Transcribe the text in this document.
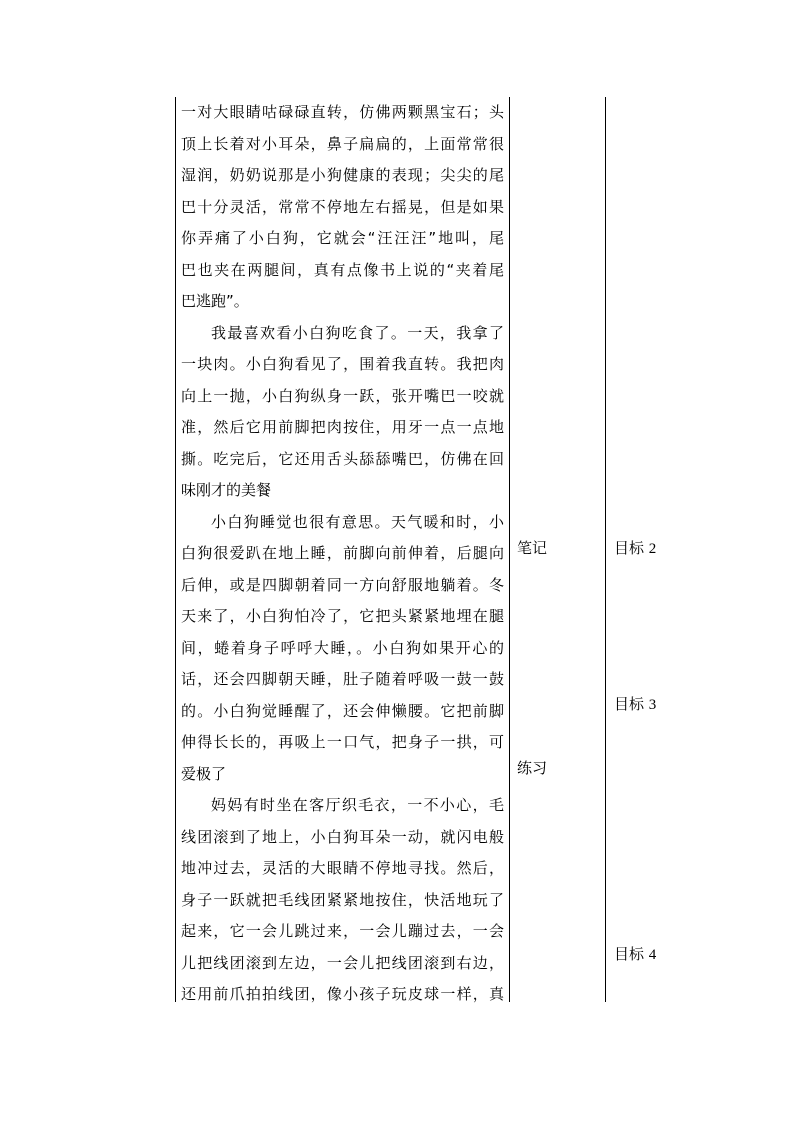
一对大眼睛咕碌碌直转，仿佛两颗黑宝石；头
顶上长着对小耳朵，鼻子扁扁的，上面常常很
湿润，奶奶说那是小狗健康的表现；尖尖的尾
巴十分灵活，常常不停地左右摇晃，但是如果
你弄痛了小白狗，它就会“汪汪汪”地叫，尾
巴也夹在两腿间，真有点像书上说的“夹着尾
巴逃跑”。
我最喜欢看小白狗吃食了。一天，我拿了
一块肉。小白狗看见了，围着我直转。我把肉
向上一抛，小白狗纵身一跃，张开嘴巴一咬就
准，然后它用前脚把肉按住，用牙一点一点地
撕。吃完后，它还用舌头舔舔嘴巴，仿佛在回
味刚才的美餐
小白狗睡觉也很有意思。天气暖和时，小
白狗很爱趴在地上睡，前脚向前伸着，后腿向
后伸，或是四脚朝着同一方向舒服地躺着。冬
天来了，小白狗怕冷了，它把头紧紧地埋在腿
间，蜷着身子呼呼大睡，。小白狗如果开心的
话，还会四脚朝天睡，肚子随着呼吸一鼓一鼓
的。小白狗觉睡醒了，还会伸懒腰。它把前脚
伸得长长的，再吸上一口气，把身子一拱，可
爱极了
妈妈有时坐在客厅织毛衣，一不小心，毛
线团滚到了地上，小白狗耳朵一动，就闪电般
地冲过去，灵活的大眼睛不停地寻找。然后，
身子一跃就把毛线团紧紧地按住，快活地玩了
起来，它一会儿跳过来，一会儿蹦过去，一会
儿把线团滚到左边，一会儿把线团滚到右边，
还用前爪拍拍线团，像小孩子玩皮球一样，真
笔记
练习
目标 2
目标 3
目标 4
